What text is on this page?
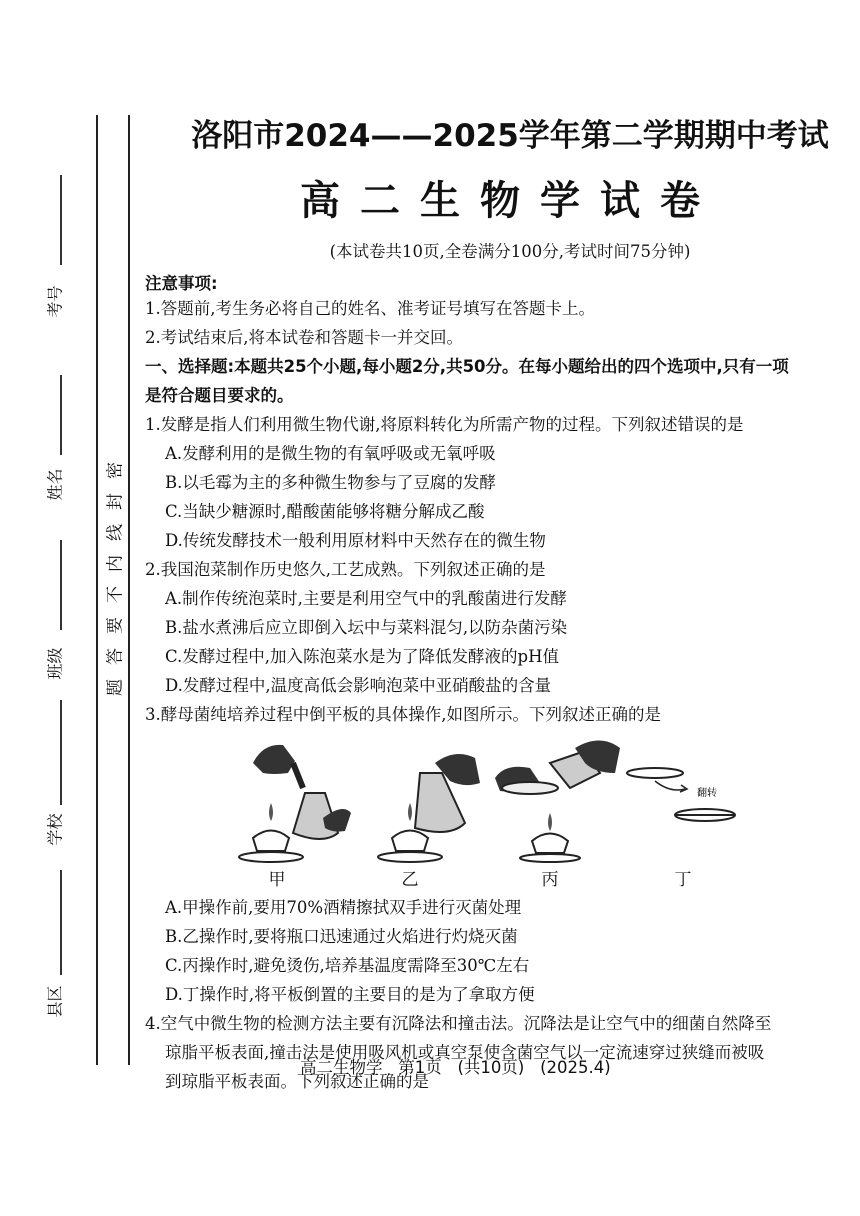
考号
姓名
班级
学校
县区
密
封
线
内
不
要
答
题
洛阳市2024——2025学年第二学期期中考试
高二生物学试卷
(本试卷共10页,全卷满分100分,考试时间75分钟)
注意事项:
1.答题前,考生务必将自己的姓名、准考证号填写在答题卡上。
2.考试结束后,将本试卷和答题卡一并交回。
一、选择题:本题共25个小题,每小题2分,共50分。在每小题给出的四个选项中,只有一项
是符合题目要求的。
1.发酵是指人们利用微生物代谢,将原料转化为所需产物的过程。下列叙述错误的是
A.发酵利用的是微生物的有氧呼吸或无氧呼吸
B.以毛霉为主的多种微生物参与了豆腐的发酵
C.当缺少糖源时,醋酸菌能够将糖分解成乙酸
D.传统发酵技术一般利用原材料中天然存在的微生物
2.我国泡菜制作历史悠久,工艺成熟。下列叙述正确的是
A.制作传统泡菜时,主要是利用空气中的乳酸菌进行发酵
B.盐水煮沸后应立即倒入坛中与菜料混匀,以防杂菌污染
C.发酵过程中,加入陈泡菜水是为了降低发酵液的pH值
D.发酵过程中,温度高低会影响泡菜中亚硝酸盐的含量
3.酵母菌纯培养过程中倒平板的具体操作,如图所示。下列叙述正确的是
翻转
甲	乙	丙	丁
A.甲操作前,要用70%酒精擦拭双手进行灭菌处理
B.乙操作时,要将瓶口迅速通过火焰进行灼烧灭菌
C.丙操作时,避免烫伤,培养基温度需降至30℃左右
D.丁操作时,将平板倒置的主要目的是为了拿取方便
4.空气中微生物的检测方法主要有沉降法和撞击法。沉降法是让空气中的细菌自然降至
琼脂平板表面,撞击法是使用吸风机或真空泵使含菌空气以一定流速穿过狭缝而被吸
到琼脂平板表面。下列叙述正确的是
高二生物学   第1页   (共10页)   (2025.4)
